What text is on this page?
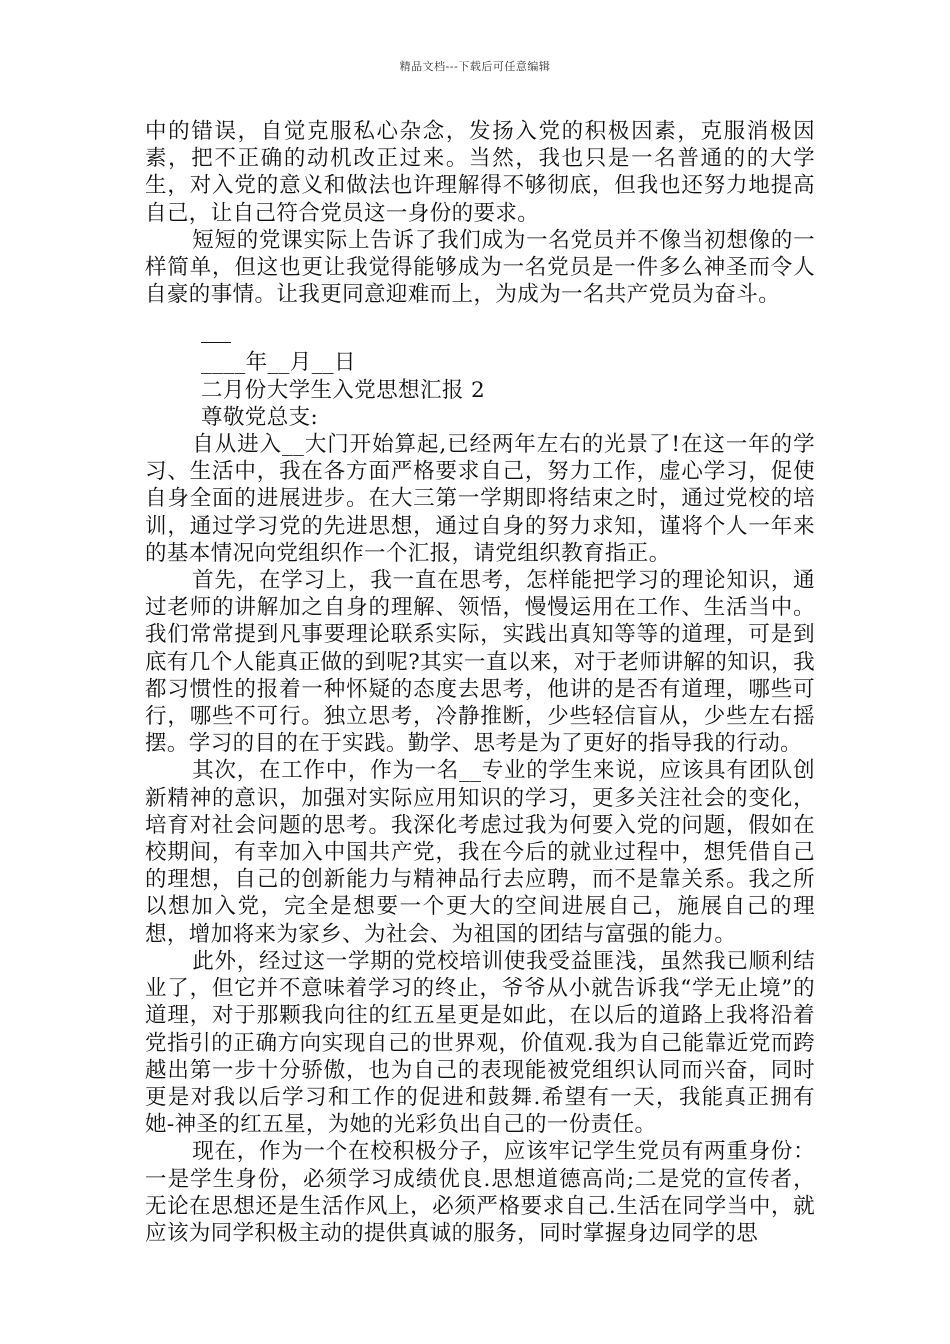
精品文档---下载后可任意编辑

中的错误，自觉克服私心杂念，发扬入党的积极因素，克服消极因素，把不正确的动机改正过来。当然，我也只是一名普通的的大学生，对入党的意义和做法也许理解得不够彻底，但我也还努力地提高自己，让自己符合党员这一身份的要求。

短短的党课实际上告诉了我们成为一名党员并不像当初想像的一样简单，但这也更让我觉得能够成为一名党员是一件多么神圣而令人自豪的事情。让我更同意迎难而上，为成为一名共产党员为奋斗。

____年__月__日

二月份大学生入党思想汇报 2

尊敬党总支:

自从进入__大门开始算起,已经两年左右的光景了!在这一年的学习、生活中，我在各方面严格要求自己，努力工作，虚心学习，促使自身全面的进展进步。在大三第一学期即将结束之时，通过党校的培训，通过学习党的先进思想，通过自身的努力求知，谨将个人一年来的基本情况向党组织作一个汇报，请党组织教育指正。

首先，在学习上，我一直在思考，怎样能把学习的理论知识，通过老师的讲解加之自身的理解、领悟，慢慢运用在工作、生活当中。我们常常提到凡事要理论联系实际，实践出真知等等的道理，可是到底有几个人能真正做的到呢?其实一直以来，对于老师讲解的知识，我都习惯性的报着一种怀疑的态度去思考，他讲的是否有道理，哪些可行，哪些不可行。独立思考，冷静推断，少些轻信盲从，少些左右摇摆。学习的目的在于实践。勤学、思考是为了更好的指导我的行动。

其次，在工作中，作为一名__专业的学生来说，应该具有团队创新精神的意识，加强对实际应用知识的学习，更多关注社会的变化，培育对社会问题的思考。我深化考虑过我为何要入党的问题，假如在校期间，有幸加入中国共产党，我在今后的就业过程中，想凭借自己的理想，自己的创新能力与精神品行去应聘，而不是靠关系。我之所以想加入党，完全是想要一个更大的空间进展自己，施展自己的理想，增加将来为家乡、为社会、为祖国的团结与富强的能力。

此外，经过这一学期的党校培训使我受益匪浅，虽然我已顺利结业了，但它并不意味着学习的终止，爷爷从小就告诉我“学无止境”的道理，对于那颗我向往的红五星更是如此，在以后的道路上我将沿着党指引的正确方向实现自己的世界观，价值观.我为自己能靠近党而跨越出第一步十分骄傲，也为自己的表现能被党组织认同而兴奋，同时更是对我以后学习和工作的促进和鼓舞.希望有一天，我能真正拥有她-神圣的红五星，为她的光彩负出自己的一份责任。

现在，作为一个在校积极分子，应该牢记学生党员有两重身份：一是学生身份，必须学习成绩优良.思想道德高尚;二是党的宣传者，无论在思想还是生活作风上，必须严格要求自己.生活在同学当中，就应该为同学积极主动的提供真诚的服务，同时掌握身边同学的思
